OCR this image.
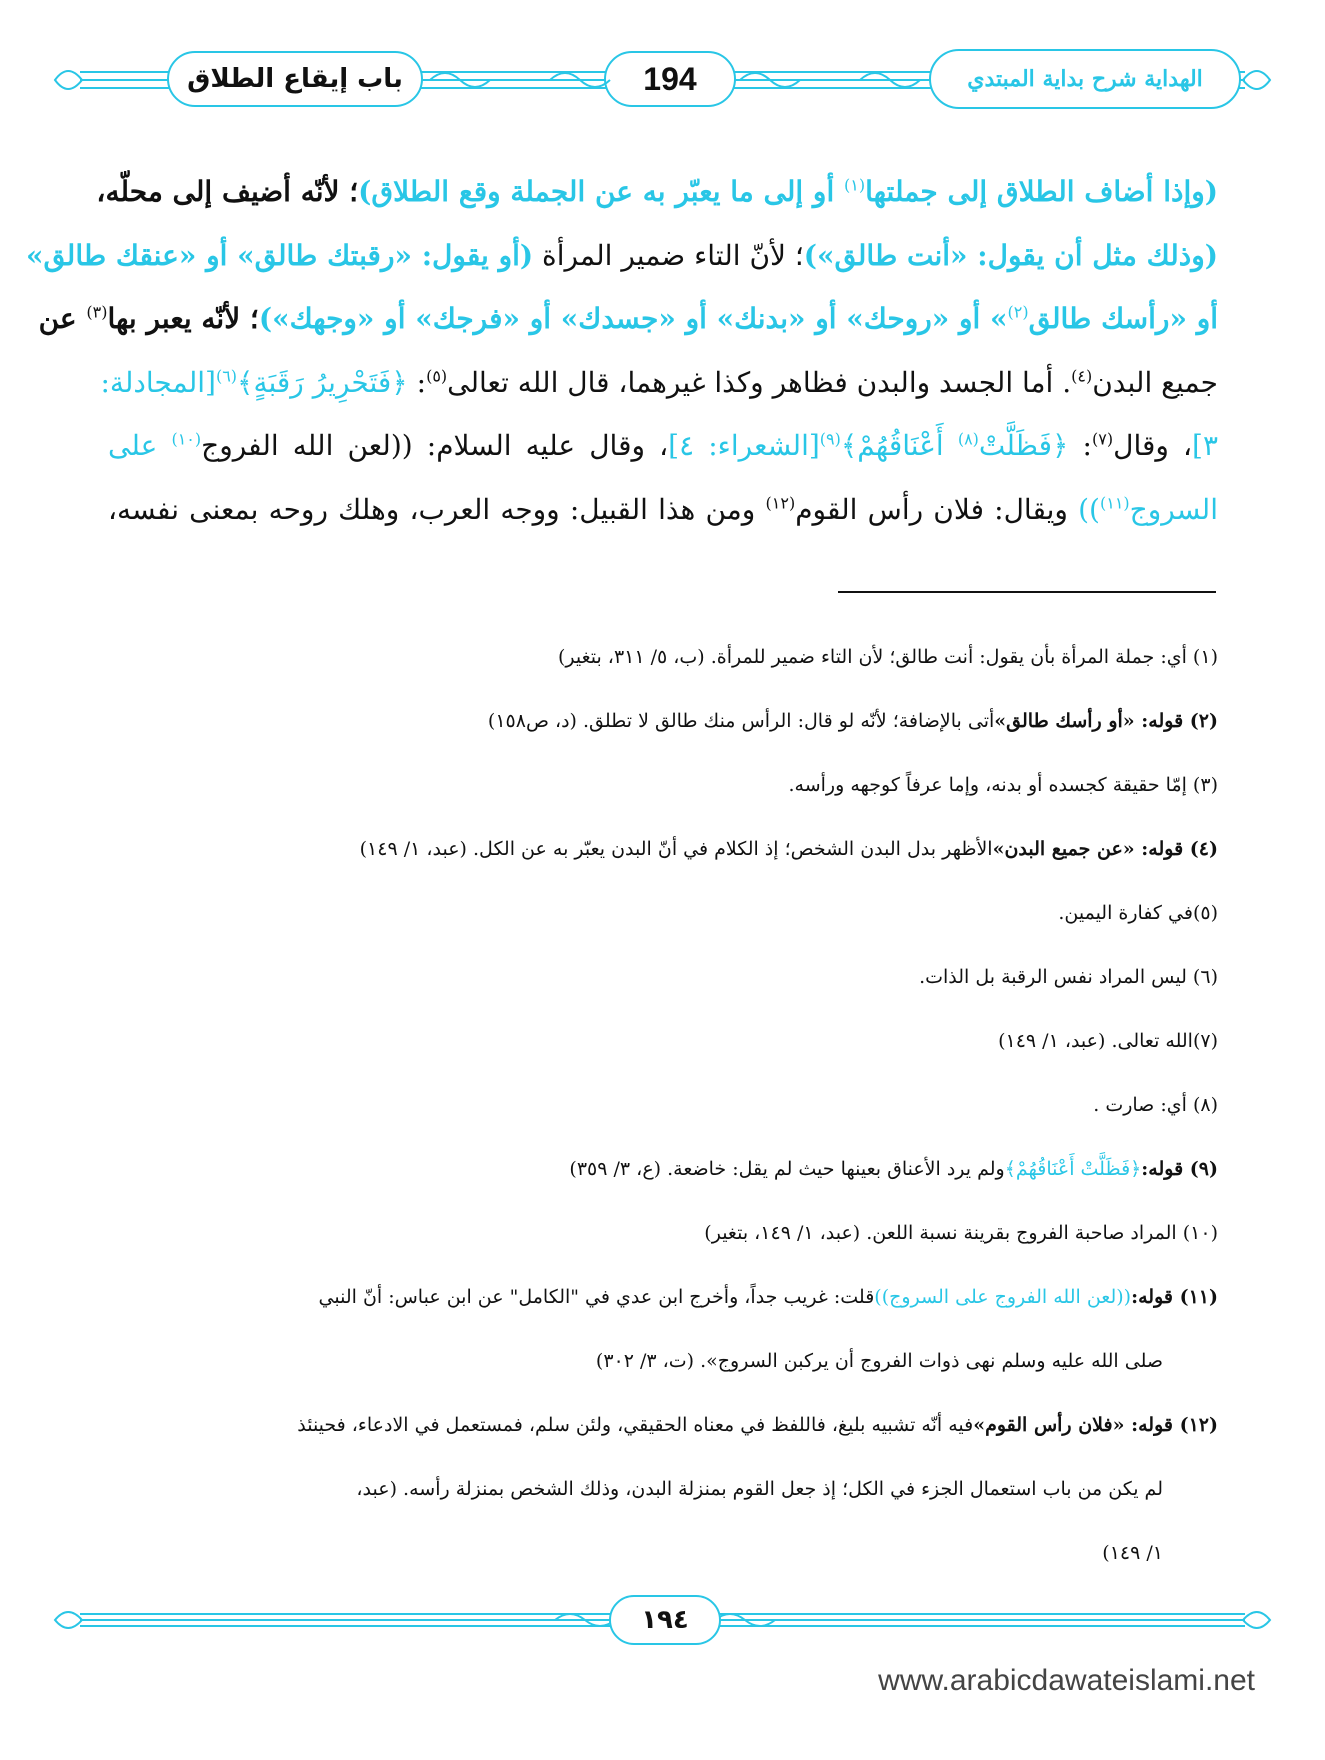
باب إيقاع الطلاق	194	الهداية شرح بداية المبتدي
(وإذا أضاف الطلاق إلى جملتها$^{(١)}$ أو إلى ما يعبّر به عن الجملة وقع الطلاق)؛ لأنّه أضيف إلى محلّه،
(وذلك مثل أن يقول: «أنت طالق»)؛ لأنّ التاء ضمير المرأة (أو يقول: «رقبتك طالق» أو «عنقك طالق»
أو «رأسك طالق$^{(٢)}$» أو «روحك» أو «بدنك» أو «جسدك» أو «فرجك» أو «وجهك»)؛ لأنّه يعبر بها$^{(٣)}$ عن
جميع البدن$^{(٤)}$. أما الجسد والبدن فظاهر وكذا غيرهما، قال الله تعالى$^{(٥)}$: ﴿فَتَحْرِيرُ رَقَبَةٍ﴾$^{(٦)}$[المجادلة:
٣]، وقال$^{(٧)}$: ﴿فَظَلَّتْ$^{(٨)}$ أَعْنَاقُهُمْ﴾$^{(٩)}$[الشعراء: ٤]، وقال عليه السلام: ((لعن الله الفروج$^{(١٠)}$ على
السروج$^{(١١)}$)) ويقال: فلان رأس القوم$^{(١٢)}$ ومن هذا القبيل: ووجه العرب، وهلك روحه بمعنى نفسه،
(١) أي: جملة المرأة بأن يقول: أنت طالق؛ لأن التاء ضمير للمرأة. (ب، ٥/ ٣١١، بتغير)
(٢) قوله: «أو رأسك طالق»
أتى بالإضافة؛ لأنّه لو قال: الرأس منك طالق لا تطلق. (د، ص١٥٨)
(٣) إمّا حقيقة كجسده أو بدنه، وإما عرفاً كوجهه ورأسه.
(٤) قوله: «عن جميع البدن»
الأظهر بدل البدن الشخص؛ إذ الكلام في أنّ البدن يعبّر به عن الكل. (عبد، ١/ ١٤٩)
(٥)في كفارة اليمين.
(٦) ليس المراد نفس الرقبة بل الذات.
(٧)الله تعالى. (عبد، ١/ ١٤٩)
(٨) أي: صارت .
(٩) قوله:
﴿فَظَلَّتْ أَعْنَاقُهُمْ﴾
ولم يرد الأعناق بعينها حيث لم يقل: خاضعة. (ع، ٣/ ٣٥٩)
(١٠) المراد صاحبة الفروج بقرينة نسبة اللعن. (عبد، ١/ ١٤٩، بتغير)
(١١) قوله:
((لعن الله الفروج على السروج))
قلت: غريب جداً، وأخرج ابن عدي في "الكامل" عن ابن عباس: أنّ النبي
صلى الله عليه وسلم نهى ذوات الفروج أن يركبن السروج». (ت، ٣/ ٣٠٢)
(١٢) قوله: «فلان رأس القوم»
فيه أنّه تشبيه بليغ، فاللفظ في معناه الحقيقي، ولئن سلم، فمستعمل في الادعاء، فحينئذ
لم يكن من باب استعمال الجزء في الكل؛ إذ جعل القوم بمنزلة البدن، وذلك الشخص بمنزلة رأسه. (عبد،
١/ ١٤٩)
١٩٤
www.arabicdawateislami.net
